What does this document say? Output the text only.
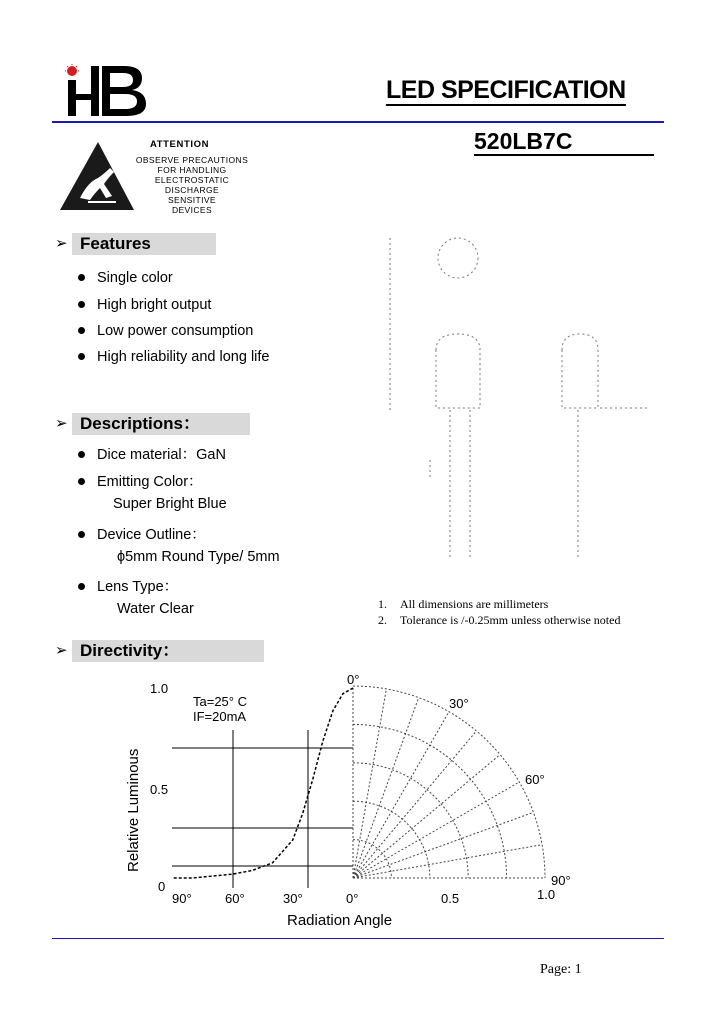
LED SPECIFICATION
520LB7C
ATTENTION
OBSERVE PRECAUTIONS
FOR HANDLING
ELECTROSTATIC
DISCHARGE
SENSITIVE
DEVICES
➢ Features
Single color
High bright output
Low power consumption
High reliability and long life
➢ Descriptions：
Dice material：GaN
Emitting Color：
Super Bright Blue
Device Outline：
ϕ5mm Round Type/ 5mm
Lens Type：
Water Clear	1. All dimensions are millimeters
2. Tolerance is /-0.25mm unless otherwise noted
➢ Directivity：
1.0
0.5
0
90°	60°	30°	0°	0.5	1.0
0°
30°
60°
90°
Ta=25° C
IF=20mA
Radiation Angle
Relative Luminous
Page: 1
